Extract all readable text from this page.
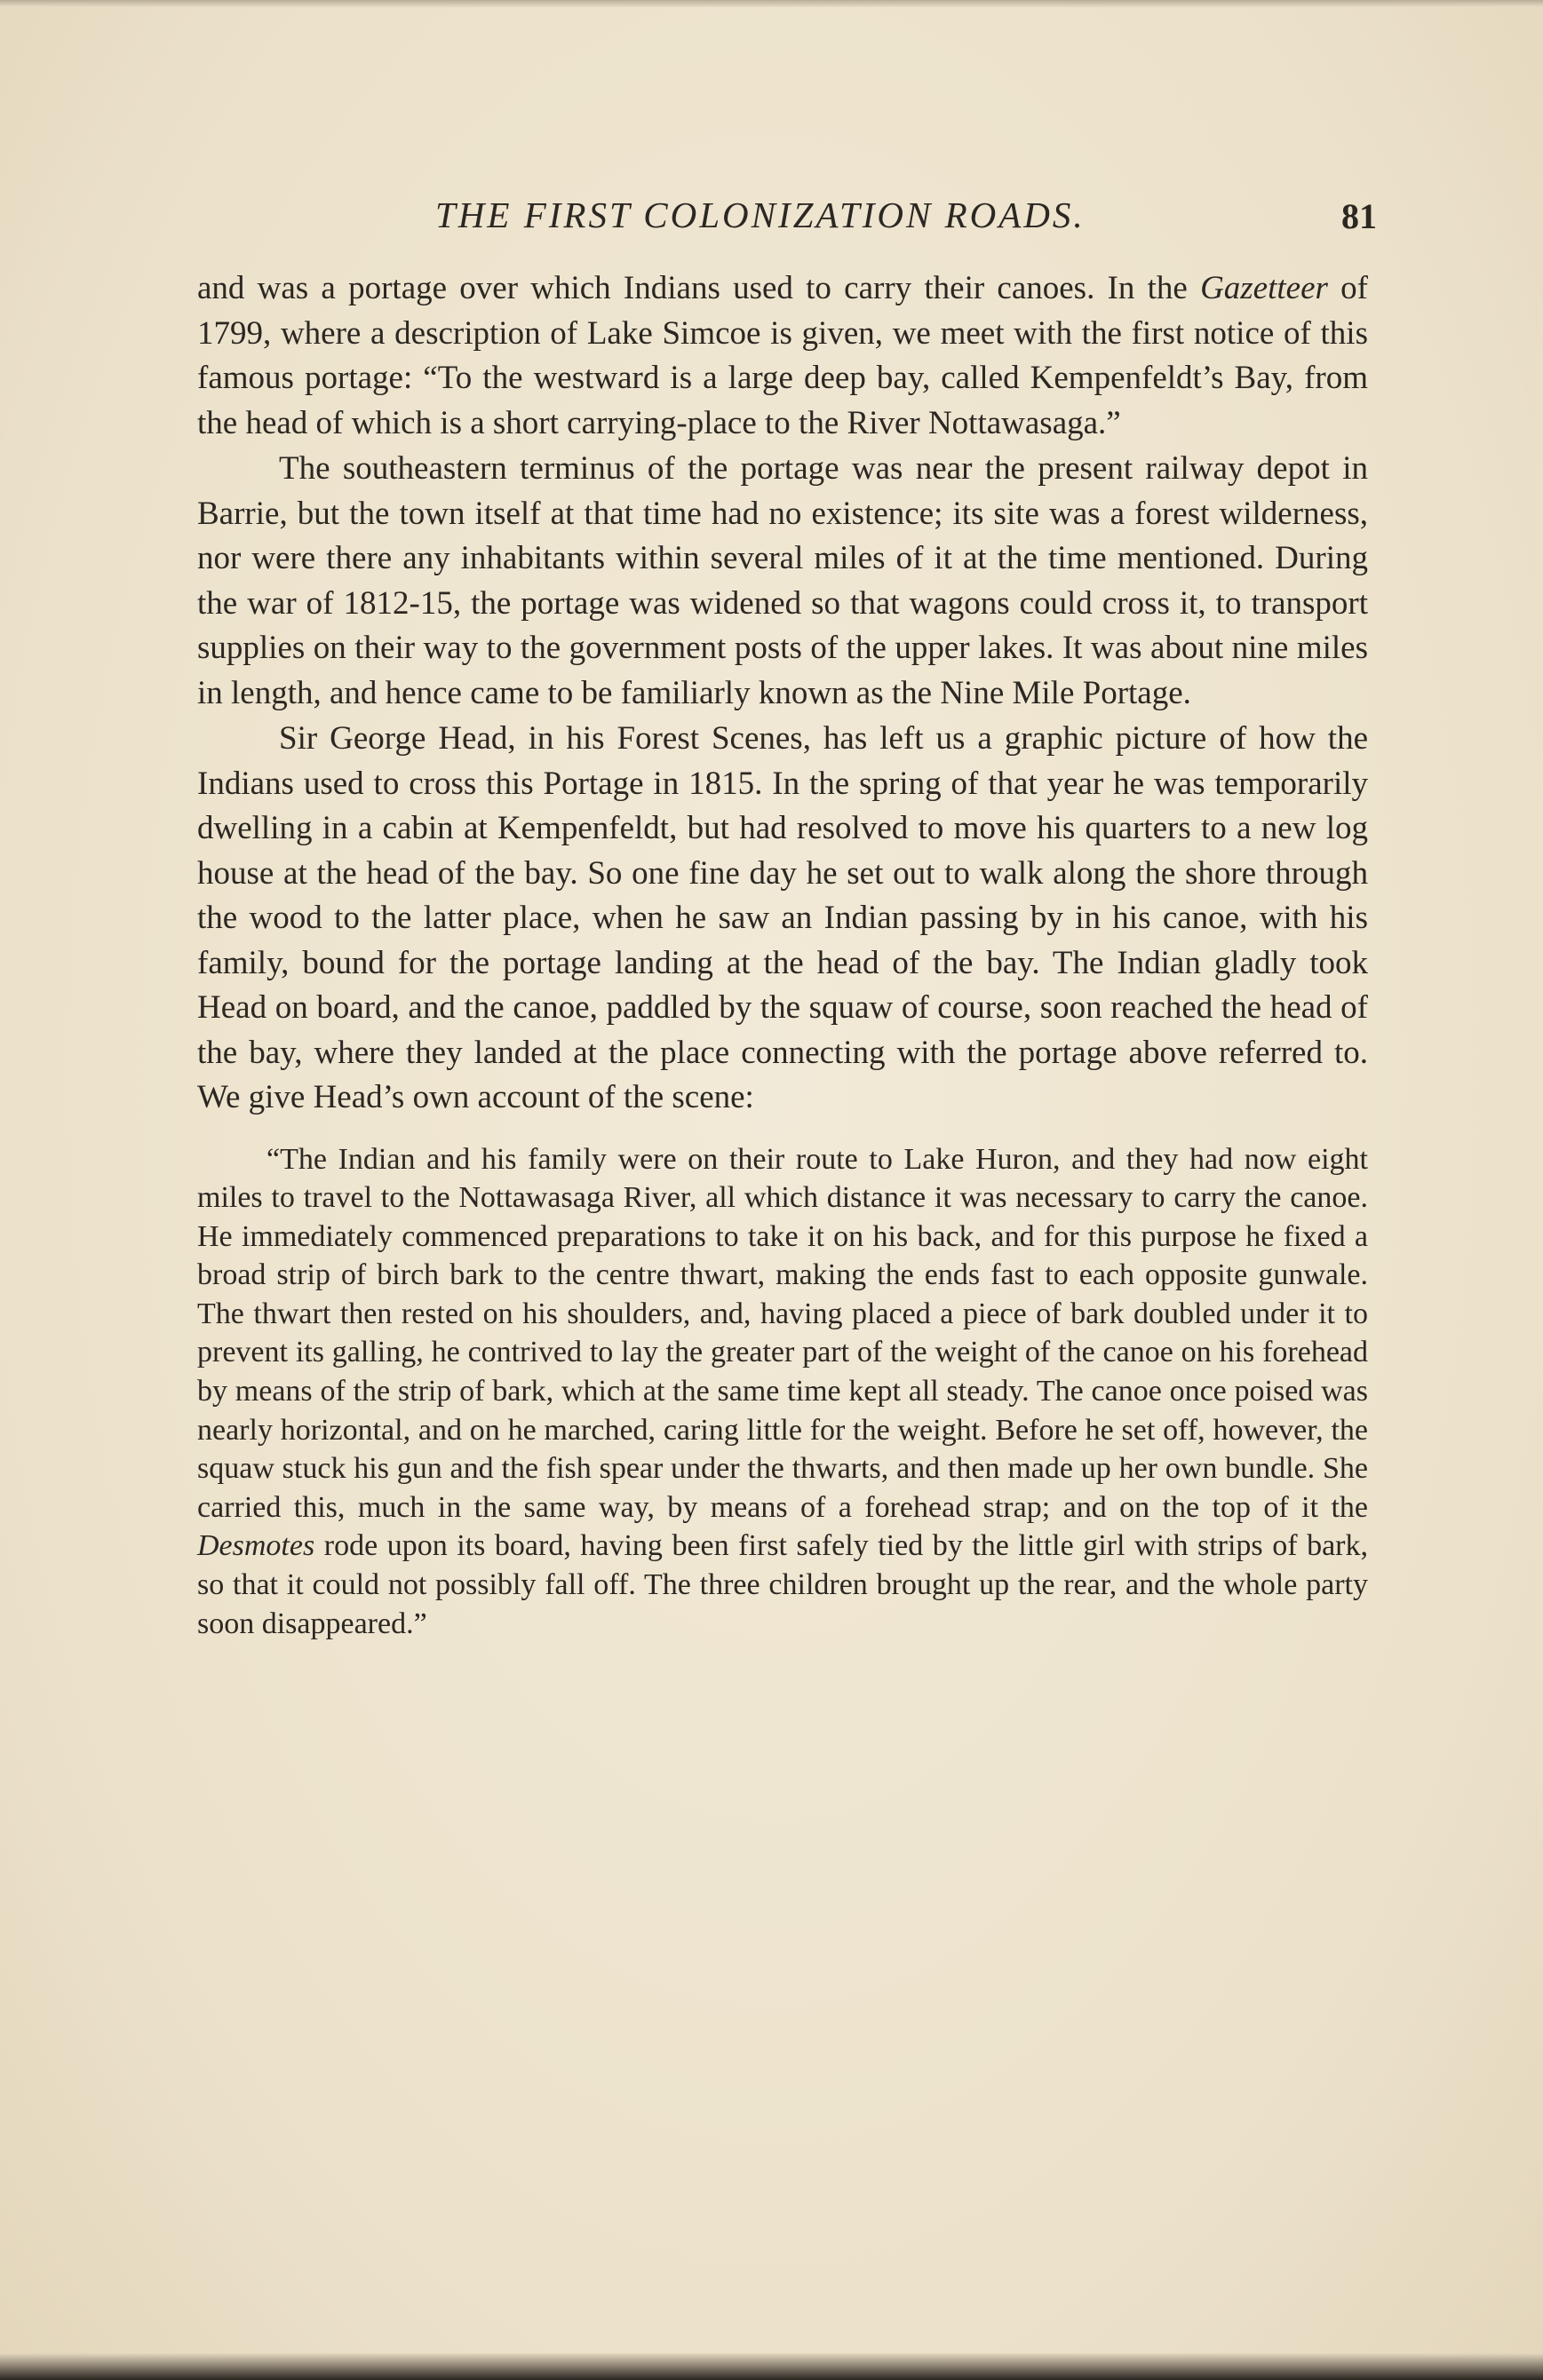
THE FIRST COLONIZATION ROADS.	81

and was a portage over which Indians used to carry their canoes. In the Gazetteer of 1799, where a description of Lake Simcoe is given, we meet with the first notice of this famous portage: “To the westward is a large deep bay, called Kempenfeldt’s Bay, from the head of which is a short carrying-place to the River Nottawasaga.”

The southeastern terminus of the portage was near the present railway depot in Barrie, but the town itself at that time had no existence; its site was a forest wilderness, nor were there any inhabitants within several miles of it at the time mentioned. During the war of 1812-15, the portage was widened so that wagons could cross it, to transport supplies on their way to the government posts of the upper lakes. It was about nine miles in length, and hence came to be familiarly known as the Nine Mile Portage.

Sir George Head, in his Forest Scenes, has left us a graphic picture of how the Indians used to cross this Portage in 1815. In the spring of that year he was temporarily dwelling in a cabin at Kempenfeldt, but had resolved to move his quarters to a new log house at the head of the bay. So one fine day he set out to walk along the shore through the wood to the latter place, when he saw an Indian passing by in his canoe, with his family, bound for the portage landing at the head of the bay. The Indian gladly took Head on board, and the canoe, paddled by the squaw of course, soon reached the head of the bay, where they landed at the place connecting with the portage above referred to. We give Head’s own account of the scene:

“The Indian and his family were on their route to Lake Huron, and they had now eight miles to travel to the Nottawasaga River, all which distance it was necessary to carry the canoe. He immediately commenced preparations to take it on his back, and for this purpose he fixed a broad strip of birch bark to the centre thwart, making the ends fast to each opposite gunwale. The thwart then rested on his shoulders, and, having placed a piece of bark doubled under it to prevent its galling, he contrived to lay the greater part of the weight of the canoe on his forehead by means of the strip of bark, which at the same time kept all steady. The canoe once poised was nearly horizontal, and on he marched, caring little for the weight. Before he set off, however, the squaw stuck his gun and the fish spear under the thwarts, and then made up her own bundle. She carried this, much in the same way, by means of a forehead strap; and on the top of it the Desmotes rode upon its board, having been first safely tied by the little girl with strips of bark, so that it could not possibly fall off. The three children brought up the rear, and the whole party soon disappeared.”
